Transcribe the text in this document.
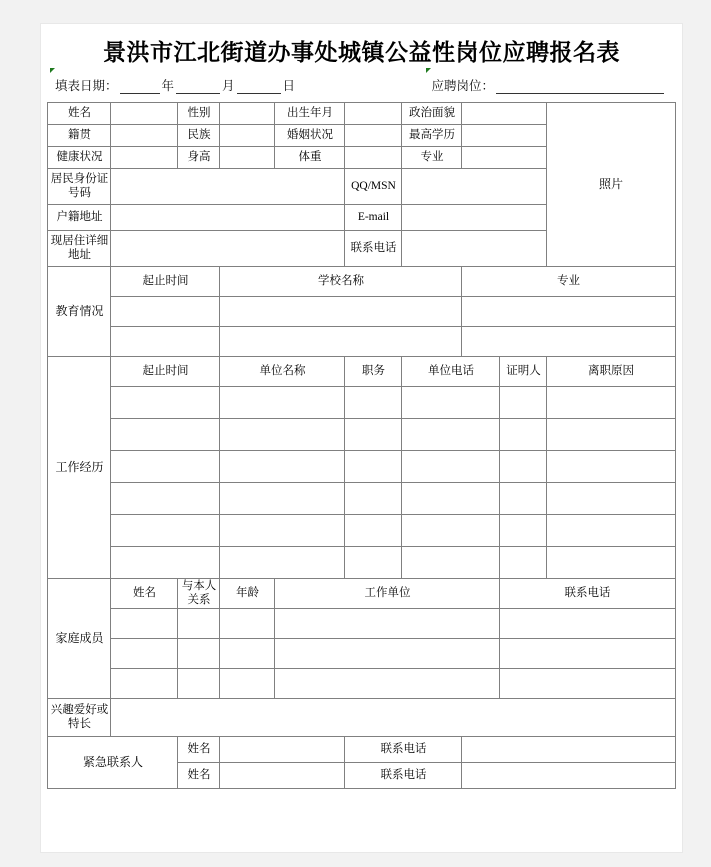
景洪市江北街道办事处城镇公益性岗位应聘报名表
填表日期：	年	月	日	应聘岗位：
姓名		性别		出生年月		政治面貌			照片
籍贯		民族		婚姻状况		最高学历			
健康状况		身高		体重		专业			
居民身份证号码					QQ/MSN				
户籍地址					E-mail				
现居住详细地址					联系电话				
教育情况	起止时间		学校名称				专业		

工作经历	起止时间		单位名称		职务	单位电话		证明人	离职原因

家庭成员	姓名	与本人关系	年龄	工作单位				联系电话	

兴趣爱好或特长									
紧急联系人		姓名			联系电话				
		姓名			联系电话				
